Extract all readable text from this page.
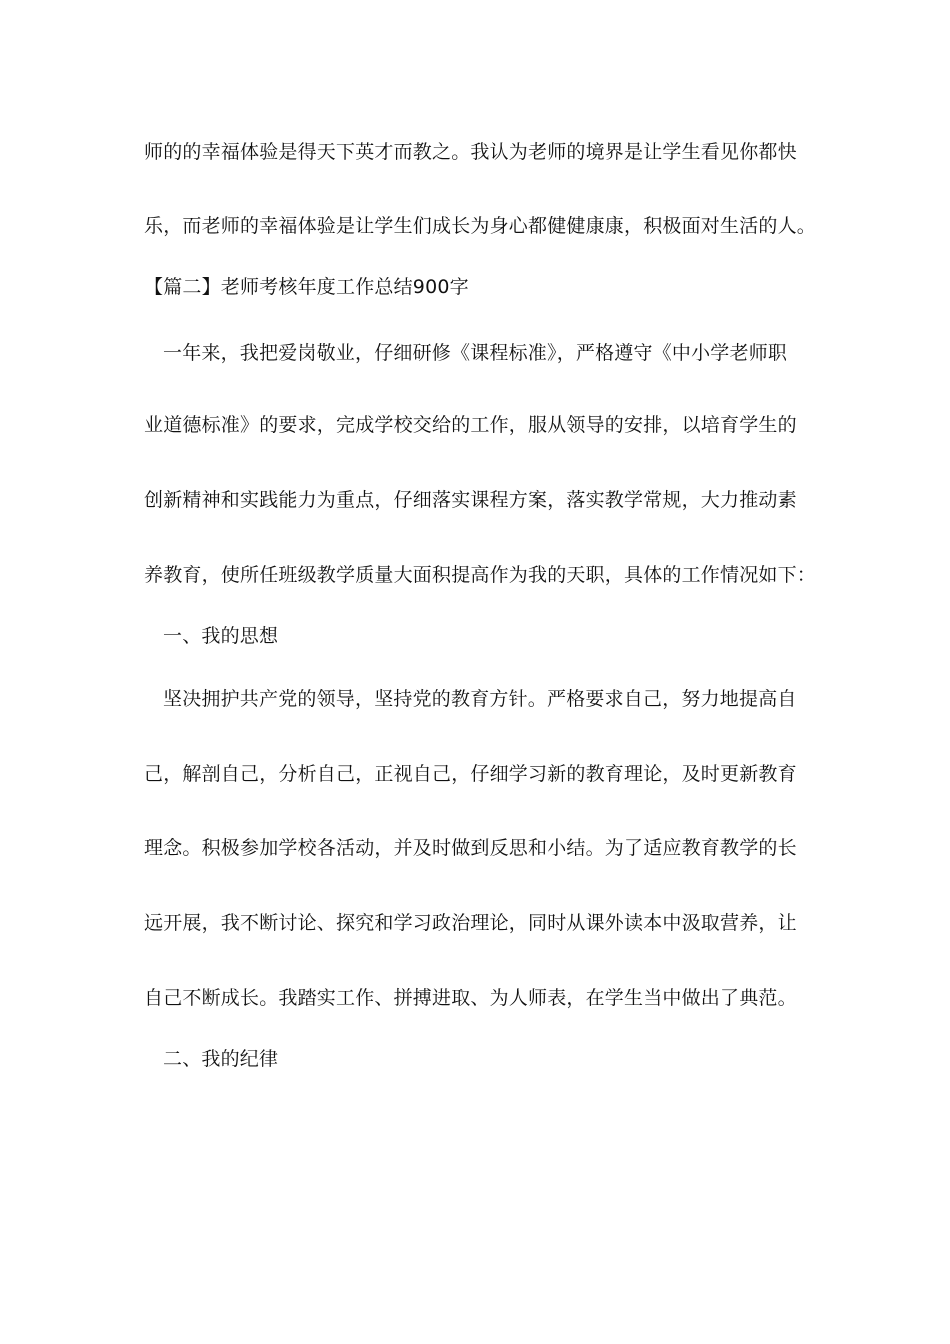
师的的幸福体验是得天下英才而教之。我认为老师的境界是让学生看见你都快
乐，而老师的幸福体验是让学生们成长为身心都健健康康，积极面对生活的人。
【篇二】老师考核年度工作总结900字
一年来，我把爱岗敬业，仔细研修《课程标准》，严格遵守《中小学老师职
业道德标准》的要求，完成学校交给的工作，服从领导的安排，以培育学生的
创新精神和实践能力为重点，仔细落实课程方案，落实教学常规，大力推动素
养教育，使所任班级教学质量大面积提高作为我的天职，具体的工作情况如下：
一、我的思想
坚决拥护共产党的领导，坚持党的教育方针。严格要求自己，努力地提高自
己，解剖自己，分析自己，正视自己，仔细学习新的教育理论，及时更新教育
理念。积极参加学校各活动，并及时做到反思和小结。为了适应教育教学的长
远开展，我不断讨论、探究和学习政治理论，同时从课外读本中汲取营养，让
自己不断成长。我踏实工作、拼搏进取、为人师表，在学生当中做出了典范。
二、我的纪律
